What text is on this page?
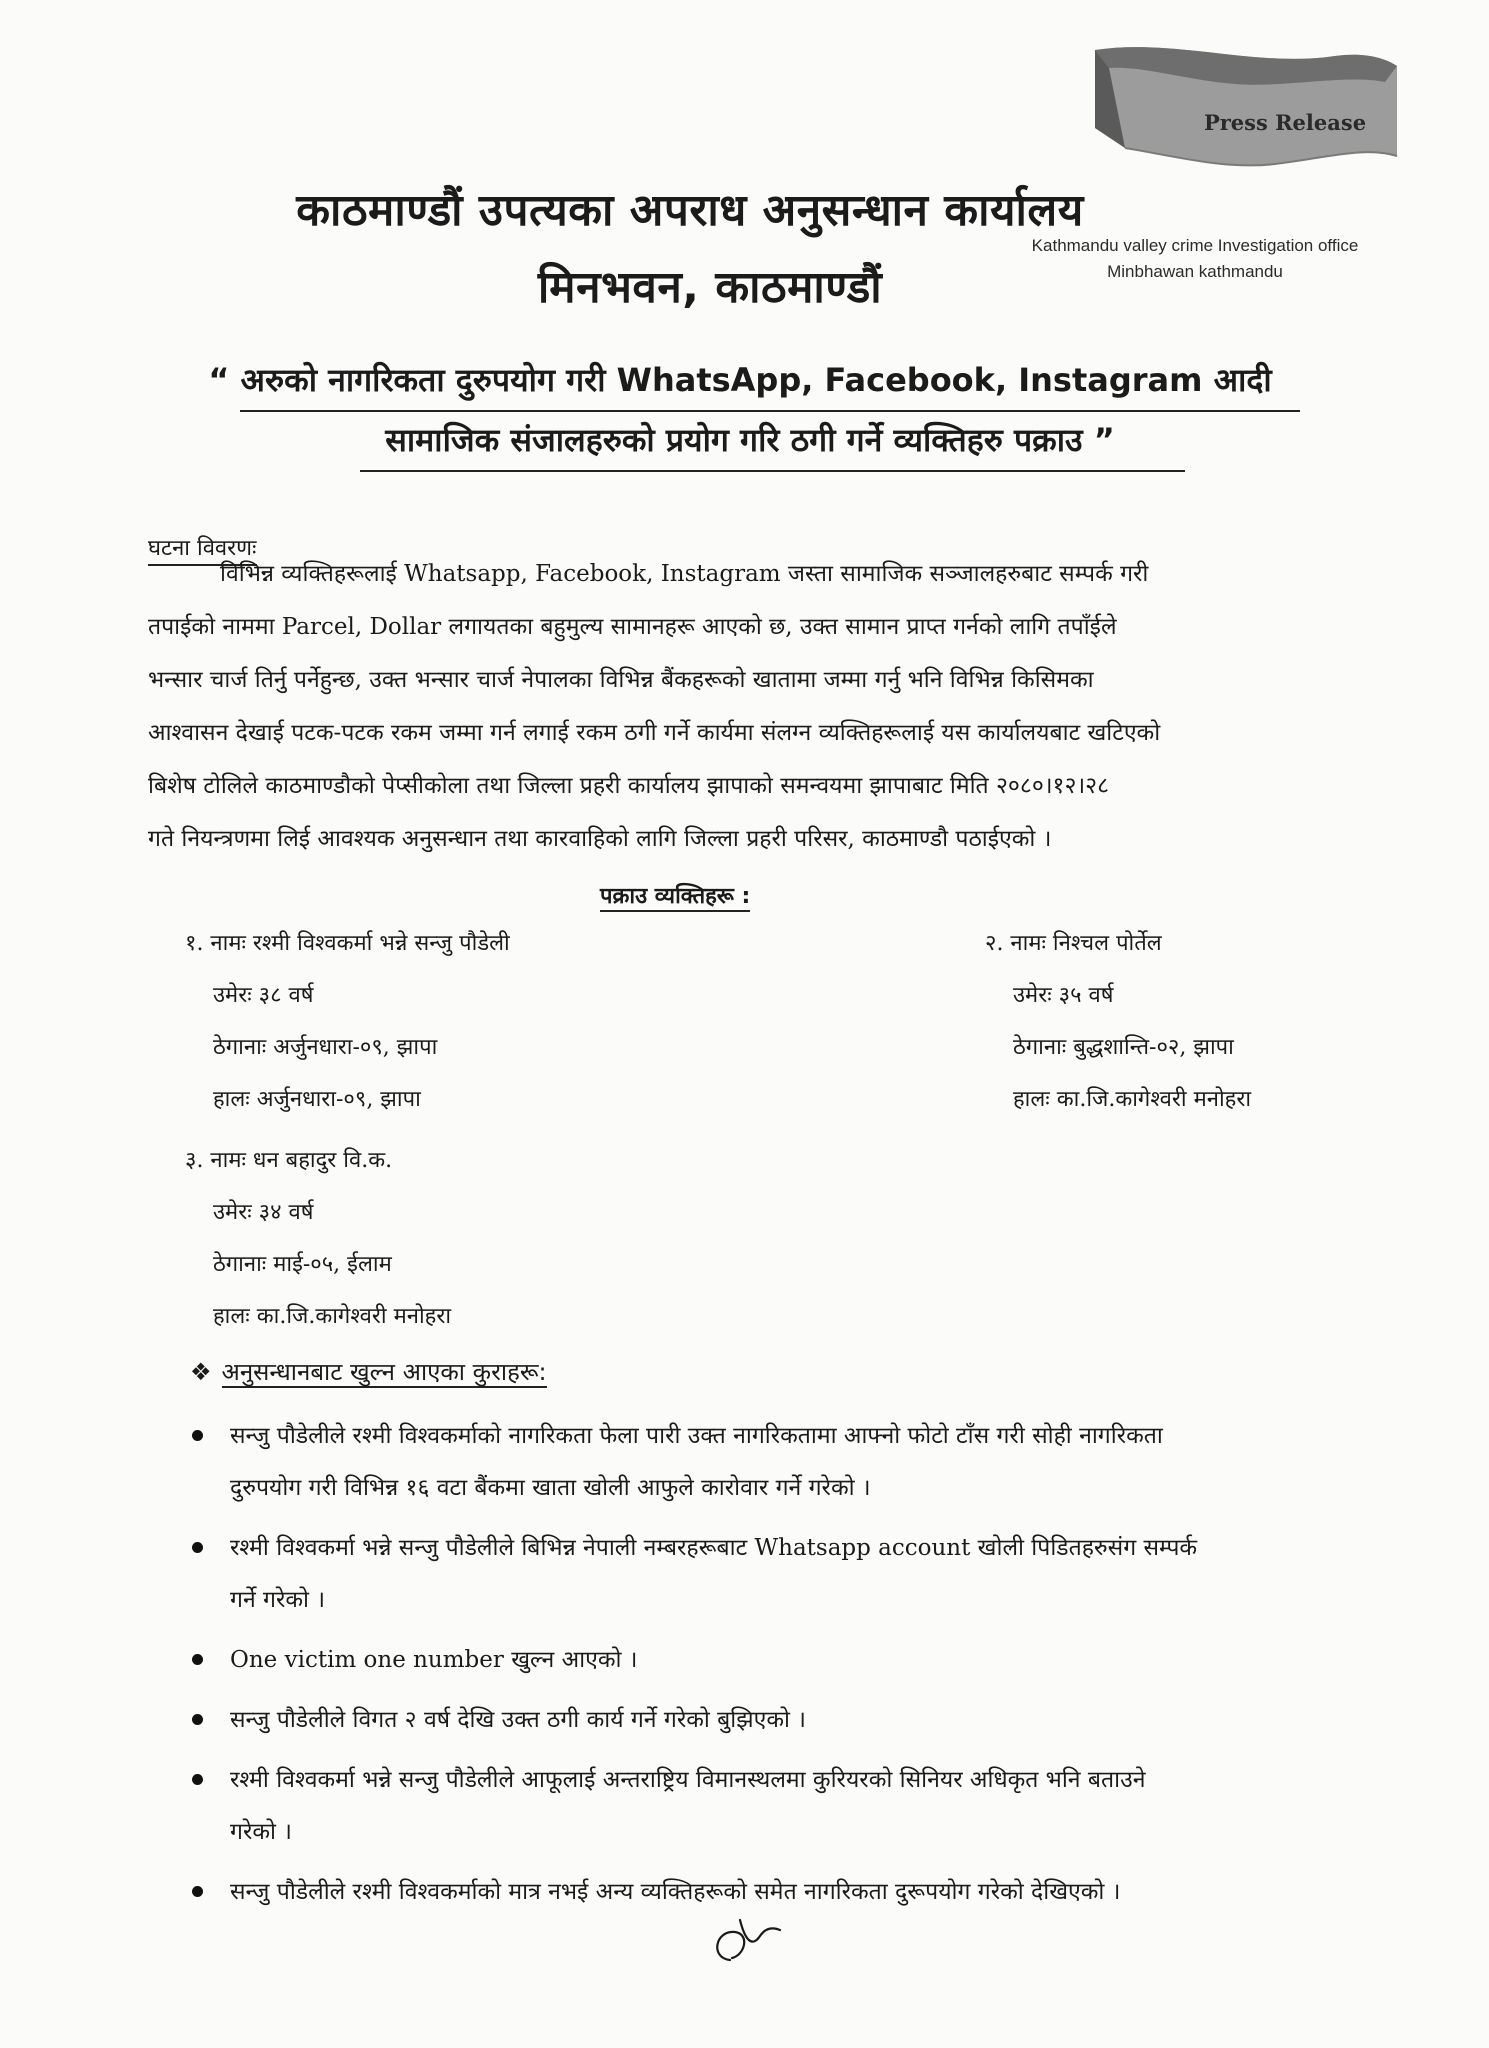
Press Release
काठमाण्डौं उपत्यका अपराध अनुसन्धान कार्यालय
मिनभवन, काठमाण्डौं
Kathmandu valley crime Investigation office
Minbhawan kathmandu
“ अरुको नागरिकता दुरुपयोग गरी WhatsApp, Facebook, Instagram आदी
सामाजिक संजालहरुको प्रयोग गरि ठगी गर्ने व्यक्तिहरु पक्राउ ”
घटना विवरणः
विभिन्न व्यक्तिहरूलाई Whatsapp, Facebook, Instagram जस्ता सामाजिक सञ्जालहरुबाट सम्पर्क गरी
तपाईको नाममा Parcel, Dollar लगायतका बहुमुल्य सामानहरू आएको छ, उक्त सामान प्राप्त गर्नको लागि तपाँईले
भन्सार चार्ज तिर्नु पर्नेहुन्छ, उक्त भन्सार चार्ज नेपालका विभिन्न बैंकहरूको खातामा जम्मा गर्नु भनि विभिन्न किसिमका
आश्वासन देखाई पटक-पटक रकम जम्मा गर्न लगाई रकम ठगी गर्ने कार्यमा संलग्न व्यक्तिहरूलाई यस कार्यालयबाट खटिएको
बिशेष टोलिले काठमाण्डौको पेप्सीकोला तथा जिल्ला प्रहरी कार्यालय झापाको समन्वयमा झापाबाट मिति २०८०।१२।२८
गते नियन्त्रणमा लिई आवश्यक अनुसन्धान तथा कारवाहिको लागि जिल्ला प्रहरी परिसर, काठमाण्डौ पठाईएको ।
पक्राउ व्यक्तिहरू :
१. नामः रश्मी विश्वकर्मा भन्ने सन्जु पौडेली
उमेरः ३८ वर्ष
ठेगानाः अर्जुनधारा-०९, झापा
हालः अर्जुनधारा-०९, झापा
२. नामः निश्चल पोर्तेल
उमेरः ३५ वर्ष
ठेगानाः बुद्धशान्ति-०२, झापा
हालः का.जि.कागेश्वरी मनोहरा
३. नामः धन बहादुर वि.क.
उमेरः ३४ वर्ष
ठेगानाः माई-०५, ईलाम
हालः का.जि.कागेश्वरी मनोहरा
❖ अनुसन्धानबाट खुल्न आएका कुराहरू:
सन्जु पौडेलीले रश्मी विश्वकर्माको नागरिकता फेला पारी उक्त नागरिकतामा आफ्नो फोटो टाँस गरी सोही नागरिकता
दुरुपयोग गरी विभिन्न १६ वटा बैंकमा खाता खोली आफुले कारोवार गर्ने गरेको ।
रश्मी विश्वकर्मा भन्ने सन्जु पौडेलीले बिभिन्न नेपाली नम्बरहरूबाट Whatsapp account खोली पिडितहरुसंग सम्पर्क
गर्ने गरेको ।
One victim one number खुल्न आएको ।
सन्जु पौडेलीले विगत २ वर्ष देखि उक्त ठगी कार्य गर्ने गरेको बुझिएको ।
रश्मी विश्वकर्मा भन्ने सन्जु पौडेलीले आफूलाई अन्तराष्ट्रिय विमानस्थलमा कुरियरको सिनियर अधिकृत भनि बताउने
गरेको ।
सन्जु पौडेलीले रश्मी विश्वकर्माको मात्र नभई अन्य व्यक्तिहरूको समेत नागरिकता दुरूपयोग गरेको देखिएको ।
